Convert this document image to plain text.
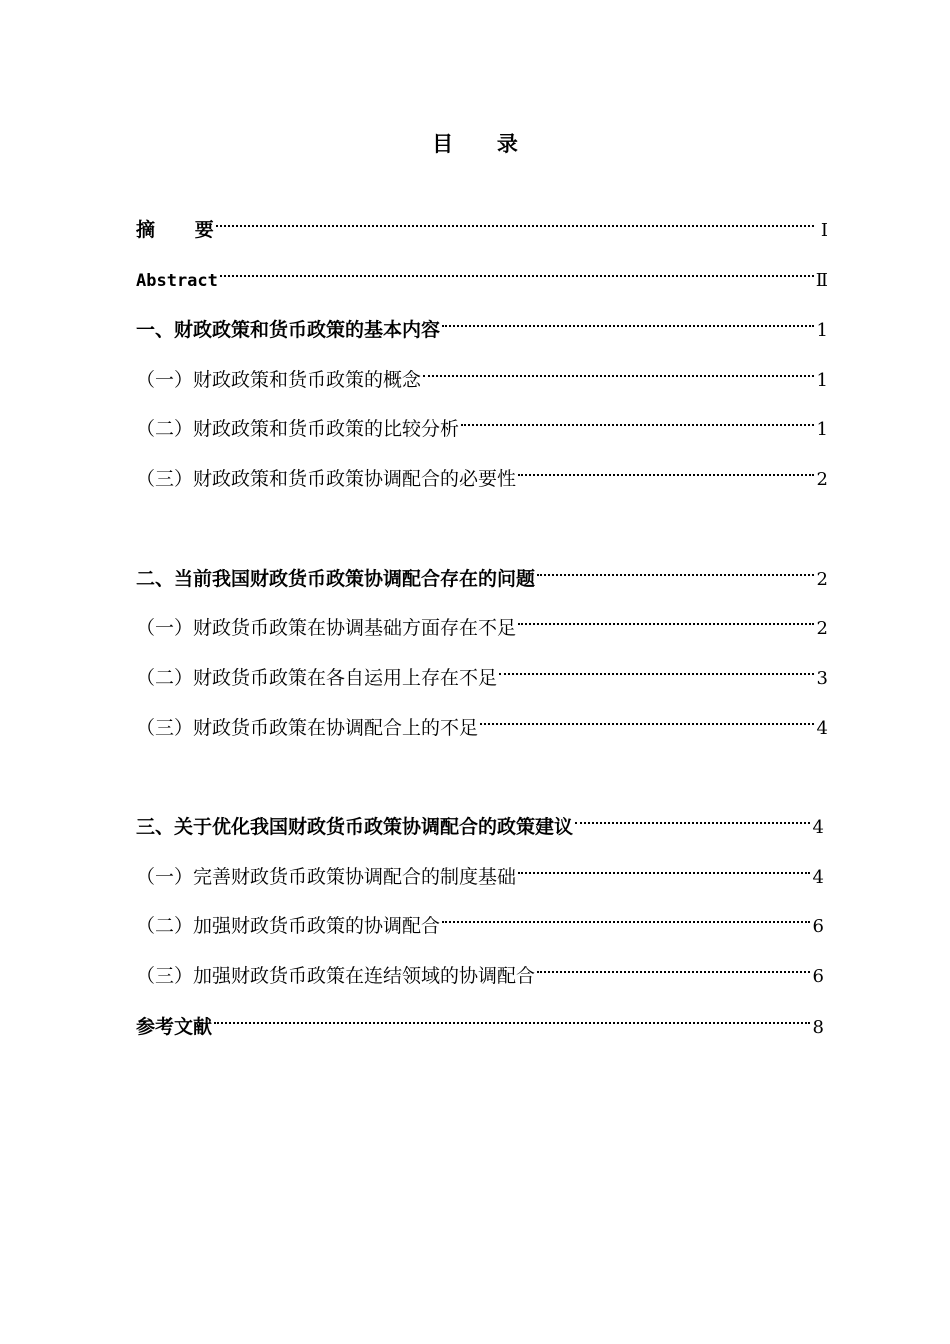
目      录
摘      要	Ⅰ
Abstract	Ⅱ
一、财政政策和货币政策的基本内容	1
（一）财政政策和货币政策的概念	1
（二）财政政策和货币政策的比较分析	1
（三）财政政策和货币政策协调配合的必要性	2
二、当前我国财政货币政策协调配合存在的问题	2
（一）财政货币政策在协调基础方面存在不足	2
（二）财政货币政策在各自运用上存在不足	3
（三）财政货币政策在协调配合上的不足	4
三、关于优化我国财政货币政策协调配合的政策建议	4
（一）完善财政货币政策协调配合的制度基础	4
（二）加强财政货币政策的协调配合	6
（三）加强财政货币政策在连结领域的协调配合	6
参考文献	8
